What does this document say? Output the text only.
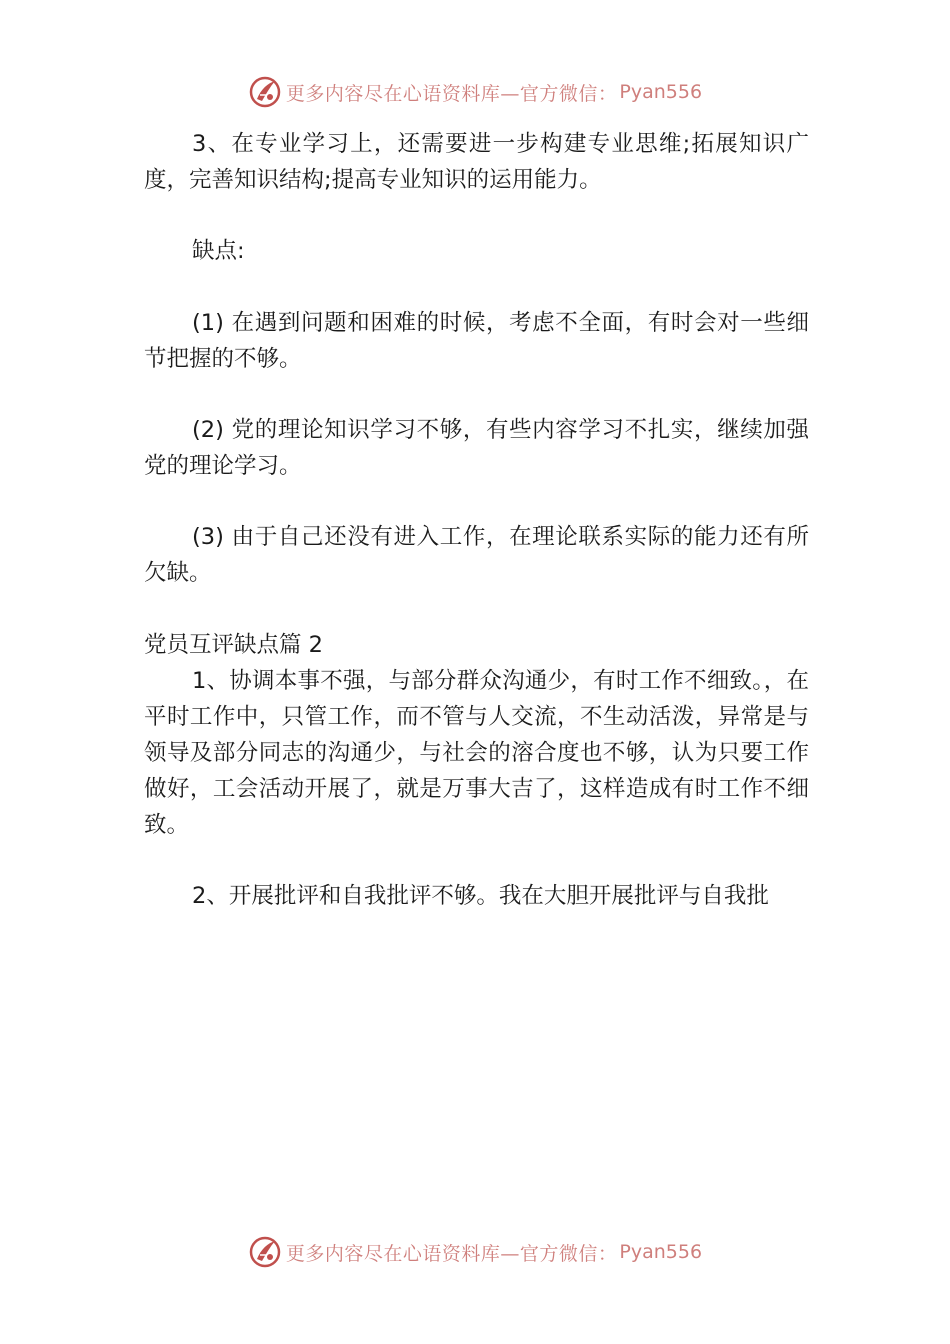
更多内容尽在心语资料库—官方微信： Pyan556

3、在专业学习上，还需要进一步构建专业思维;拓展知识广度，完善知识结构;提高专业知识的运用能力。

缺点:

(1) 在遇到问题和困难的时候，考虑不全面，有时会对一些细节把握的不够。

(2) 党的理论知识学习不够，有些内容学习不扎实，继续加强党的理论学习。

(3) 由于自己还没有进入工作，在理论联系实际的能力还有所欠缺。

党员互评缺点篇 2

1、协调本事不强，与部分群众沟通少，有时工作不细致。，在平时工作中，只管工作，而不管与人交流，不生动活泼，异常是与领导及部分同志的沟通少，与社会的溶合度也不够，认为只要工作做好，工会活动开展了，就是万事大吉了，这样造成有时工作不细致。

2、开展批评和自我批评不够。我在大胆开展批评与自我批

更多内容尽在心语资料库—官方微信： Pyan556
